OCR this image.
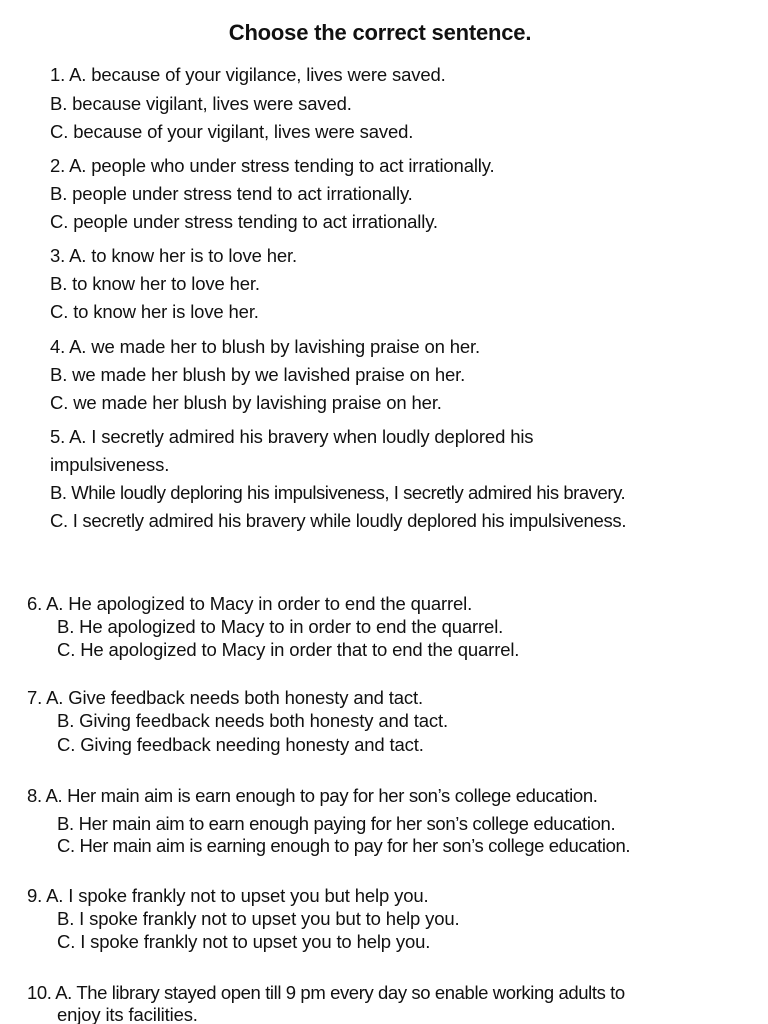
Choose the correct sentence.
1. A. because of your vigilance, lives were saved.
B. because vigilant, lives were saved.
C. because of your vigilant, lives were saved.
2. A. people who under stress tending to act irrationally.
B. people under stress tend to act irrationally.
C. people under stress tending to act irrationally.
3. A. to know her is to love her.
B. to know her to love her.
C. to know her is love her.
4. A. we made her to blush by lavishing praise on her.
B. we made her blush by we lavished praise on her.
C. we made her blush by lavishing praise on her.
5. A. I secretly admired his bravery when loudly deplored his
impulsiveness.
B. While loudly deploring his impulsiveness, I secretly admired his bravery.
C. I secretly admired his bravery while loudly deplored his impulsiveness.
6. A. He apologized to Macy in order to end the quarrel.
B. He apologized to Macy to in order to end the quarrel.
C. He apologized to Macy in order that to end the quarrel.
7. A. Give feedback needs both honesty and tact.
B. Giving feedback needs both honesty and tact.
C. Giving feedback needing honesty and tact.
8. A. Her main aim is earn enough to pay for her son’s college education.
B. Her main aim to earn enough paying for her son’s college education.
C. Her main aim is earning enough to pay for her son’s college education.
9. A. I spoke frankly not to upset you but help you.
B. I spoke frankly not to upset you but to help you.
C. I spoke frankly not to upset you to help you.
10. A. The library stayed open till 9 pm every day so enable working adults to
enjoy its facilities.
